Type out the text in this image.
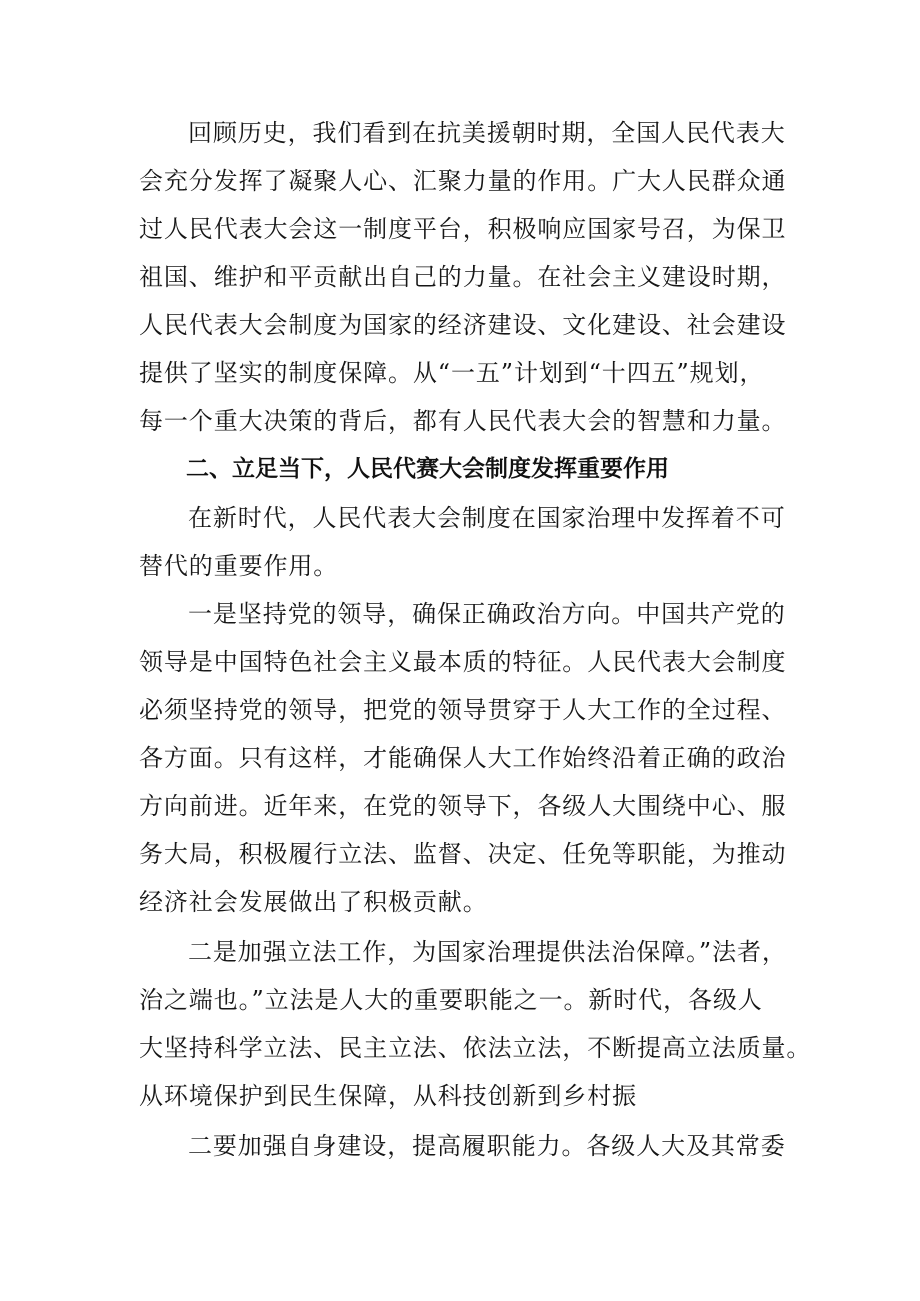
回顾历史，我们看到在抗美援朝时期，全国人民代表大
会充分发挥了凝聚人心、汇聚力量的作用。广大人民群众通
过人民代表大会这一制度平台，积极响应国家号召，为保卫
祖国、维护和平贡献出自己的力量。在社会主义建设时期，
人民代表大会制度为国家的经济建设、文化建设、社会建设
提供了坚实的制度保障。从“一五”计划到“十四五”规划，
每一个重大决策的背后，都有人民代表大会的智慧和力量。
二、立足当下，人民代赛大会制度发挥重要作用
在新时代，人民代表大会制度在国家治理中发挥着不可
替代的重要作用。
一是坚持党的领导，确保正确政治方向。中国共产党的
领导是中国特色社会主义最本质的特征。人民代表大会制度
必须坚持党的领导，把党的领导贯穿于人大工作的全过程、
各方面。只有这样，才能确保人大工作始终沿着正确的政治
方向前进。近年来，在党的领导下，各级人大围绕中心、服
务大局，积极履行立法、监督、决定、任免等职能，为推动
经济社会发展做出了积极贡献。
二是加强立法工作，为国家治理提供法治保障。”法者，
治之端也。”立法是人大的重要职能之一。新时代，各级人
大坚持科学立法、民主立法、依法立法，不断提高立法质量。
从环境保护到民生保障，从科技创新到乡村振
二要加强自身建设，提高履职能力。各级人大及其常委
